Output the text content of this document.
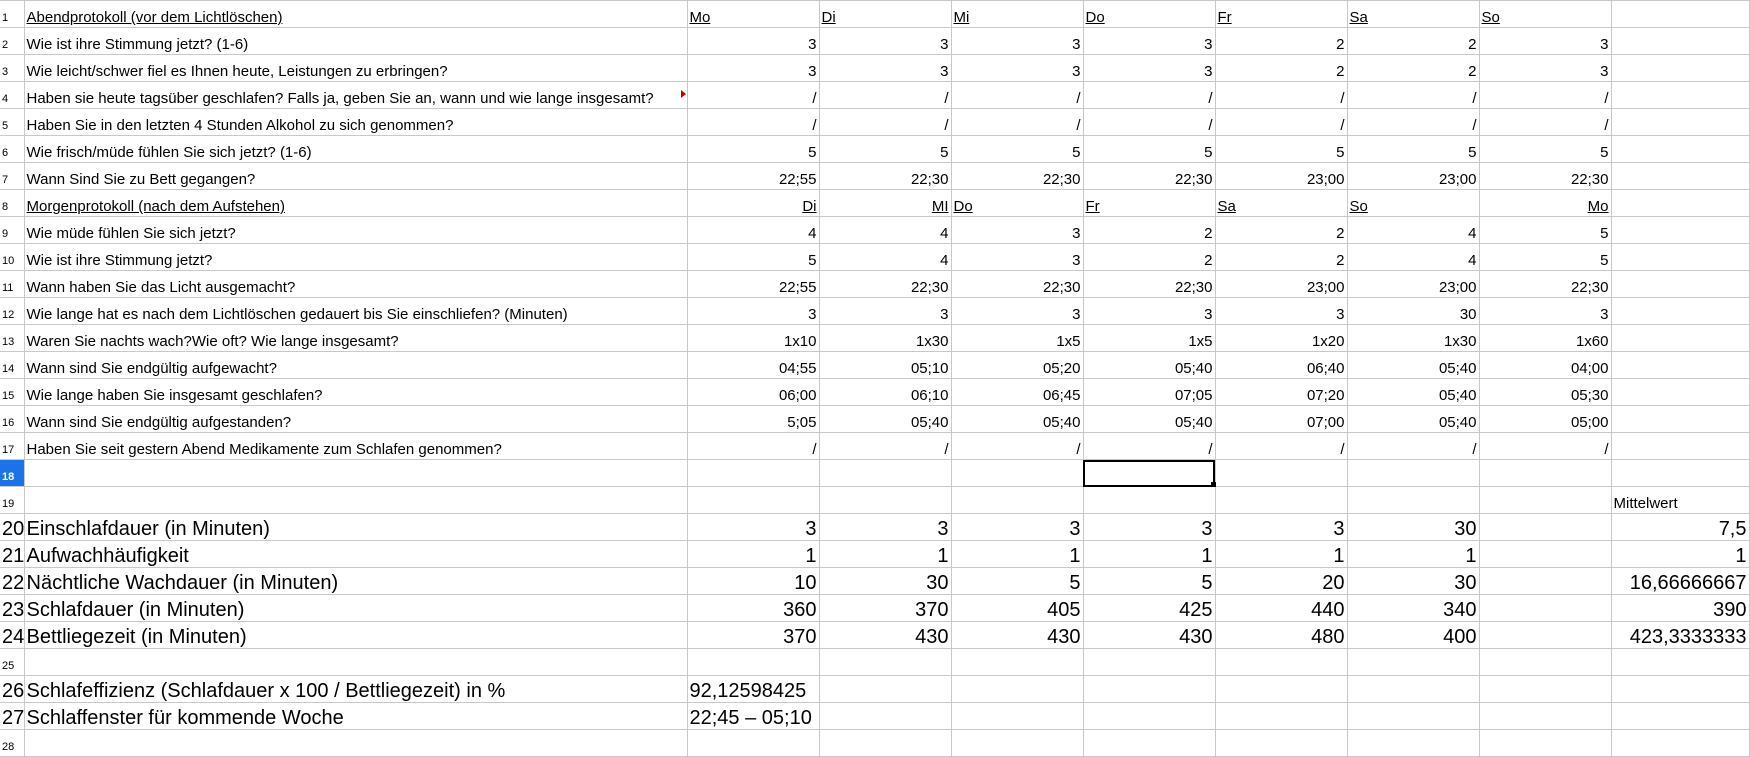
1	Abendprotokoll (vor dem Lichtlöschen)	Mo	Di	Mi	Do	Fr	Sa	So	
2	Wie ist ihre Stimmung jetzt? (1-6)	3	3	3	3	2	2	3	
3	Wie leicht/schwer fiel es Ihnen heute, Leistungen zu erbringen?	3	3	3	3	2	2	3	
4	Haben sie heute tagsüber geschlafen? Falls ja, geben Sie an, wann und wie lange insgesamt?	/	/	/	/	/	/	/	
5	Haben Sie in den letzten 4 Stunden Alkohol zu sich genommen?	/	/	/	/	/	/	/	
6	Wie frisch/müde fühlen Sie sich jetzt? (1-6)	5	5	5	5	5	5	5	
7	Wann Sind Sie zu Bett gegangen?	22;55	22;30	22;30	22;30	23;00	23;00	22;30	
8	Morgenprotokoll (nach dem Aufstehen)	Di	MI	Do	Fr	Sa	So	Mo	
9	Wie müde fühlen Sie sich jetzt?	4	4	3	2	2	4	5	
10	Wie ist ihre Stimmung jetzt?	5	4	3	2	2	4	5	
11	Wann haben Sie das Licht ausgemacht?	22;55	22;30	22;30	22;30	23;00	23;00	22;30	
12	Wie lange hat es nach dem Lichtlöschen gedauert bis Sie einschliefen? (Minuten)	3	3	3	3	3	30	3	
13	Waren Sie nachts wach?Wie oft? Wie lange insgesamt?	1x10	1x30	1x5	1x5	1x20	1x30	1x60	
14	Wann sind Sie endgültig aufgewacht?	04;55	05;10	05;20	05;40	06;40	05;40	04;00	
15	Wie lange haben Sie insgesamt geschlafen?	06;00	06;10	06;45	07;05	07;20	05;40	05;30	
16	Wann sind Sie endgültig aufgestanden?	5;05	05;40	05;40	05;40	07;00	05;40	05;00	
17	Haben Sie seit gestern Abend Medikamente zum Schlafen genommen?	/	/	/	/	/	/	/	
18					

19									Mittelwert
20	Einschlafdauer (in Minuten)	3	3	3	3	3	30		7,5
21	Aufwachhäufigkeit	1	1	1	1	1	1		1
22	Nächtliche Wachdauer (in Minuten)	10	30	5	5	20	30		16,66666667
23	Schlafdauer (in Minuten)	360	370	405	425	440	340		390
24	Bettliegezeit (in Minuten)	370	430	430	430	480	400		423,3333333
25									
26	Schlafeffizienz (Schlafdauer x 100 / Bettliegezeit) in %	92,12598425							
27	Schlaffenster für kommende Woche	22;45 – 05;10							
28									
